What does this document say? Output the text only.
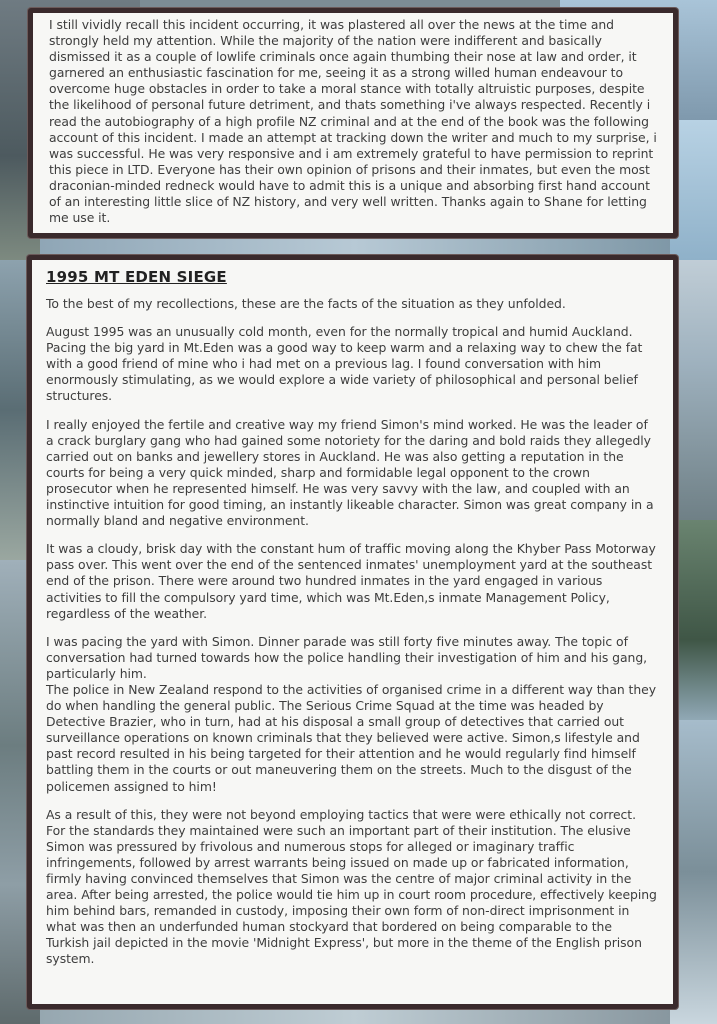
I still vividly recall this incident occurring, it was plastered all over the news at the time and strongly held my attention. While the majority of the nation were indifferent and basically dismissed it as a couple of lowlife criminals once again thumbing their nose at law and order, it garnered an enthusiastic fascination for me, seeing it as a strong willed human endeavour to overcome huge obstacles in order to take a moral stance with totally altruistic purposes, despite the likelihood of personal future detriment, and thats something i've always respected. Recently i read the autobiography of a high profile NZ criminal and at the end of the book was the following account of this incident. I made an attempt at tracking down the writer and much to my surprise, i was successful. He was very responsive and i am extremely grateful to have permission to reprint this piece in LTD. Everyone has their own opinion of prisons and their inmates, but even the most draconian-minded redneck would have to admit this is a unique and absorbing first hand account of an interesting little slice of NZ history, and very well written. Thanks again to Shane for letting me use it.

1995 MT EDEN SIEGE

To the best of my recollections, these are the facts of the situation as they unfolded.

August 1995 was an unusually cold month, even for the normally tropical and humid Auckland. Pacing the big yard in Mt.Eden was a good way to keep warm and a relaxing way to chew the fat with a good friend of mine who i had met on a previous lag. I found conversation with him enormously stimulating, as we would explore a wide variety of philosophical and personal belief structures.

I really enjoyed the fertile and creative way my friend Simon's mind worked. He was the leader of a crack burglary gang who had gained some notoriety for the daring and bold raids they allegedly carried out on banks and jewellery stores in Auckland. He was also getting a reputation in the courts for being a very quick minded, sharp and formidable legal opponent to the crown prosecutor when he represented himself. He was very savvy with the law, and coupled with an instinctive intuition for good timing, an instantly likeable character. Simon was great company in a normally bland and negative environment.

It was a cloudy, brisk day with the constant hum of traffic moving along the Khyber Pass Motorway pass over. This went over the end of the sentenced inmates' unemployment yard at the southeast end of the prison. There were around two hundred inmates in the yard engaged in various activities to fill the compulsory yard time, which was Mt.Eden,s inmate Management Policy, regardless of the weather.

I was pacing the yard with Simon. Dinner parade was still forty five minutes away. The topic of conversation had turned towards how the police handling their investigation of him and his gang, particularly him.

The police in New Zealand respond to the activities of organised crime in a different way than they do when handling the general public. The Serious Crime Squad at the time was headed by Detective Brazier, who in turn, had at his disposal a small group of detectives that carried out surveillance operations on known criminals that they believed were active. Simon,s lifestyle and past record resulted in his being targeted for their attention and he would regularly find himself battling them in the courts or out maneuvering them on the streets. Much to the disgust of the policemen assigned to him!

As a result of this, they were not beyond employing tactics that were were ethically not correct. For the standards they maintained were such an important part of their institution. The elusive Simon was pressured by frivolous and numerous stops for alleged or imaginary traffic infringements, followed by arrest warrants being issued on made up or fabricated information, firmly having convinced themselves that Simon was the centre of major criminal activity in the area. After being arrested, the police would tie him up in court room procedure, effectively keeping him behind bars, remanded in custody, imposing their own form of non-direct imprisonment in what was then an underfunded human stockyard that bordered on being comparable to the Turkish jail depicted in the movie 'Midnight Express', but more in the theme of the English prison system.
